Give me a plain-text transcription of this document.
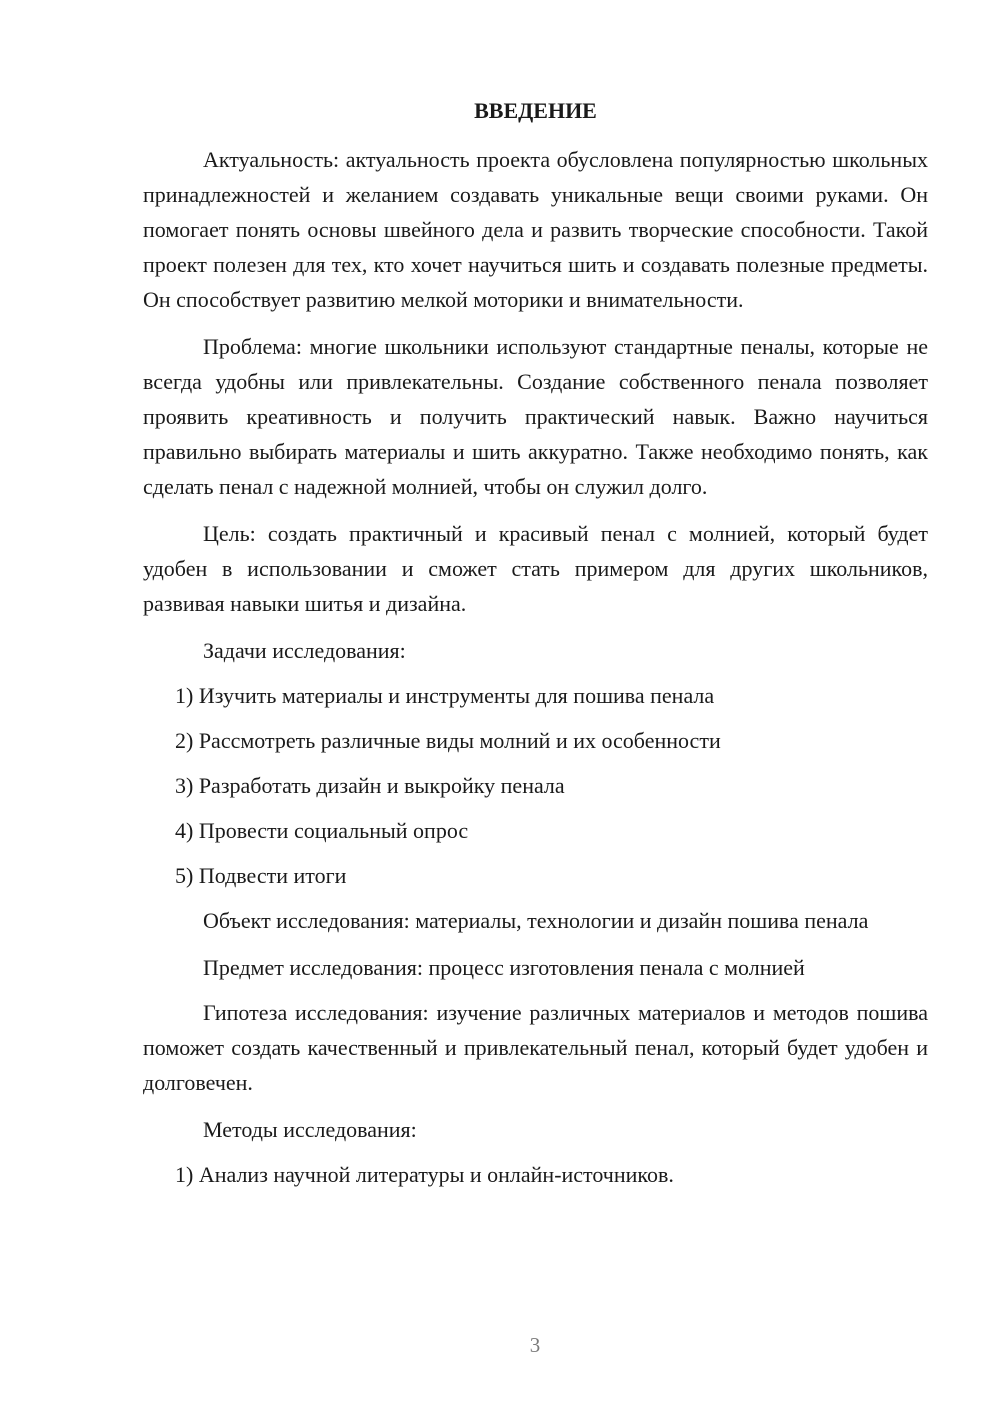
ВВЕДЕНИЕ

Актуальность: актуальность проекта обусловлена популярностью школьных принадлежностей и желанием создавать уникальные вещи своими руками. Он помогает понять основы швейного дела и развить творческие способности. Такой проект полезен для тех, кто хочет научиться шить и создавать полезные предметы. Он способствует развитию мелкой моторики и внимательности.

Проблема: многие школьники используют стандартные пеналы, которые не всегда удобны или привлекательны. Создание собственного пенала позволяет проявить креативность и получить практический навык. Важно научиться правильно выбирать материалы и шить аккуратно. Также необходимо понять, как сделать пенал с надежной молнией, чтобы он служил долго.

Цель: создать практичный и красивый пенал с молнией, который будет удобен в использовании и сможет стать примером для других школьников, развивая навыки шитья и дизайна.

Задачи исследования:

1) Изучить материалы и инструменты для пошива пенала

2) Рассмотреть различные виды молний и их особенности

3) Разработать дизайн и выкройку пенала

4) Провести социальный опрос

5) Подвести итоги

Объект исследования: материалы, технологии и дизайн пошива пенала

Предмет исследования: процесс изготовления пенала с молнией

Гипотеза исследования: изучение различных материалов и методов пошива поможет создать качественный и привлекательный пенал, который будет удобен и долговечен.

Методы исследования:

1) Анализ научной литературы и онлайн-источников.

3
